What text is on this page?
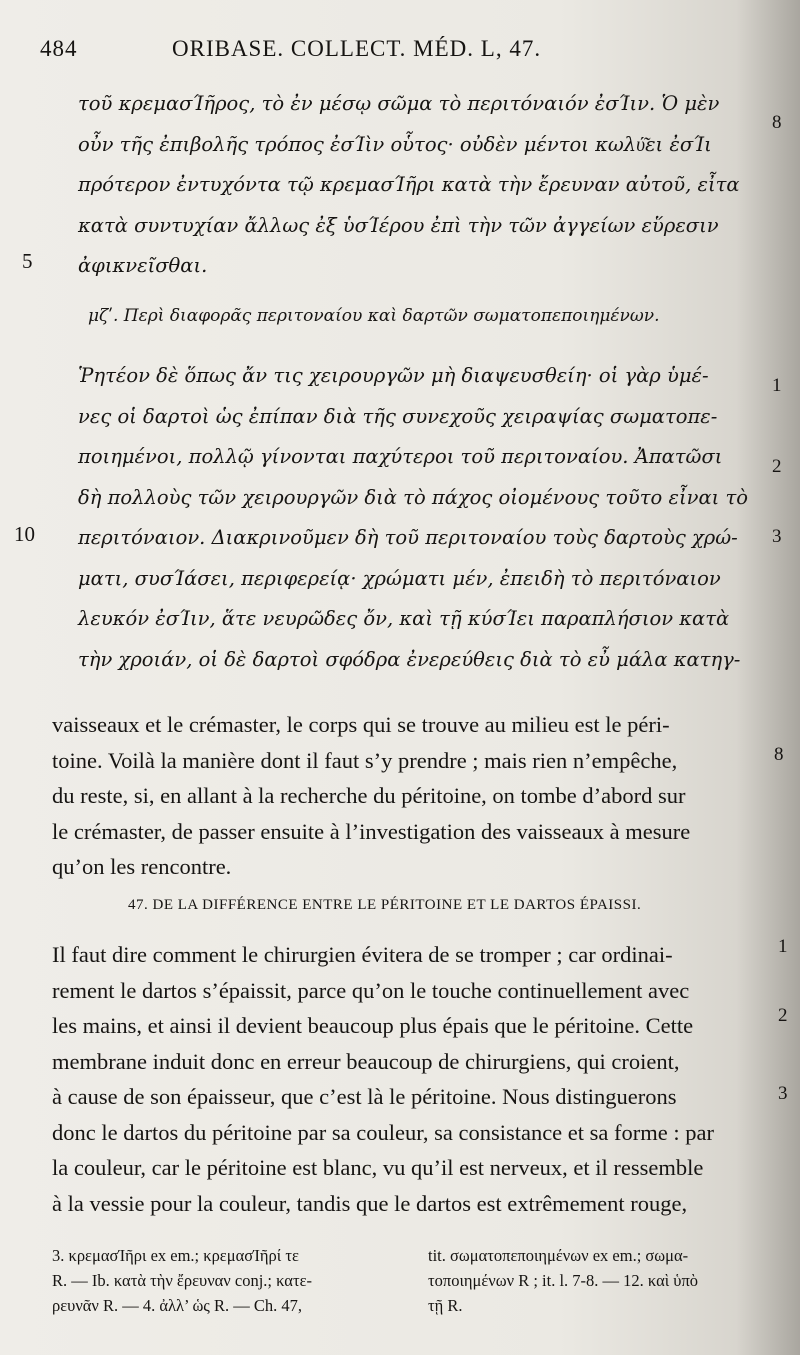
484	ORIBASE. COLLECT. MÉD. L, 47.
τοῦ κρεμασΊῆρος, τὸ ἐν μέσῳ σῶμα τὸ περιτόναιόν ἐσΊιν. Ὁ μὲν
οὖν τῆς ἐπιβολῆς τρόπος ἐσΊὶν οὗτος· οὐδὲν μέντοι κωλύ͂ει ἐσΊι
πρότερον ἐντυχόντα τῷ κρεμασΊῆρι κατὰ τὴν ἔρευναν αὐτοῦ, εἶτα
κατὰ συντυχίαν ἄλλως ἐξ ὑσΊέρου ἐπὶ τὴν τῶν ἀγγείων εὕρεσιν
ἀφικνεῖσθαι.
5
8
μζʹ. Περὶ διαφορᾶς περιτοναίου καὶ δαρτῶν σωματοπεποιημένων.
Ῥητέον δὲ ὅπως ἄν τις χειρουργῶν μὴ διαψευσθείη· οἱ γὰρ ὑμέ-
νες οἱ δαρτοὶ ὡς ἐπίπαν διὰ τῆς συνεχοῦς χειραψίας σωματοπε-
ποιημένοι, πολλῷ γίνονται παχύτεροι τοῦ περιτοναίου. Ἀπατῶσι
δὴ πολλοὺς τῶν χειρουργῶν διὰ τὸ πάχος οἰομένους τοῦτο εἶναι τὸ
περιτόναιον. Διακρινοῦμεν δὴ τοῦ περιτοναίου τοὺς δαρτοὺς χρώ-
ματι, συσΊάσει, περιφερείᾳ· χρώματι μέν, ἐπειδὴ τὸ περιτόναιον
λευκόν ἐσΊιν, ἅτε νευρῶδες ὄν, καὶ τῇ κύσΊει παραπλήσιον κατὰ
τὴν χροιάν, οἱ δὲ δαρτοὶ σφόδρα ἐνερεύθεις διὰ τὸ εὖ μάλα κατηγ-
10
1
2
3
vaisseaux et le crémaster, le corps qui se trouve au milieu est le péri-
toine. Voilà la manière dont il faut s’y prendre ; mais rien n’empêche,
du reste, si, en allant à la recherche du péritoine, on tombe d’abord sur
le crémaster, de passer ensuite à l’investigation des vaisseaux à mesure
qu’on les rencontre.
8
47. DE LA DIFFÉRENCE ENTRE LE PÉRITOINE ET LE DARTOS ÉPAISSI.
Il faut dire comment le chirurgien évitera de se tromper ; car ordinai-
rement le dartos s’épaissit, parce qu’on le touche continuellement avec
les mains, et ainsi il devient beaucoup plus épais que le péritoine. Cette
membrane induit donc en erreur beaucoup de chirurgiens, qui croient,
à cause de son épaisseur, que c’est là le péritoine. Nous distinguerons
donc le dartos du péritoine par sa couleur, sa consistance et sa forme : par
la couleur, car le péritoine est blanc, vu qu’il est nerveux, et il ressemble
à la vessie pour la couleur, tandis que le dartos est extrêmement rouge,
1
2
3
3. κρεμασΊῆρι ex em.; κρεμασΊῆρί τε
R. — Ib. κατὰ τὴν ἔρευναν conj.; κατε-
ρευνᾶν R. — 4. ἀλλ’ ὡς R. — Ch. 47,
tit. σωματοπεποιημένων ex em.; σωμα-
τοποιημένων R ; it. l. 7-8. — 12. καὶ ὑπὸ
τῇ R.
